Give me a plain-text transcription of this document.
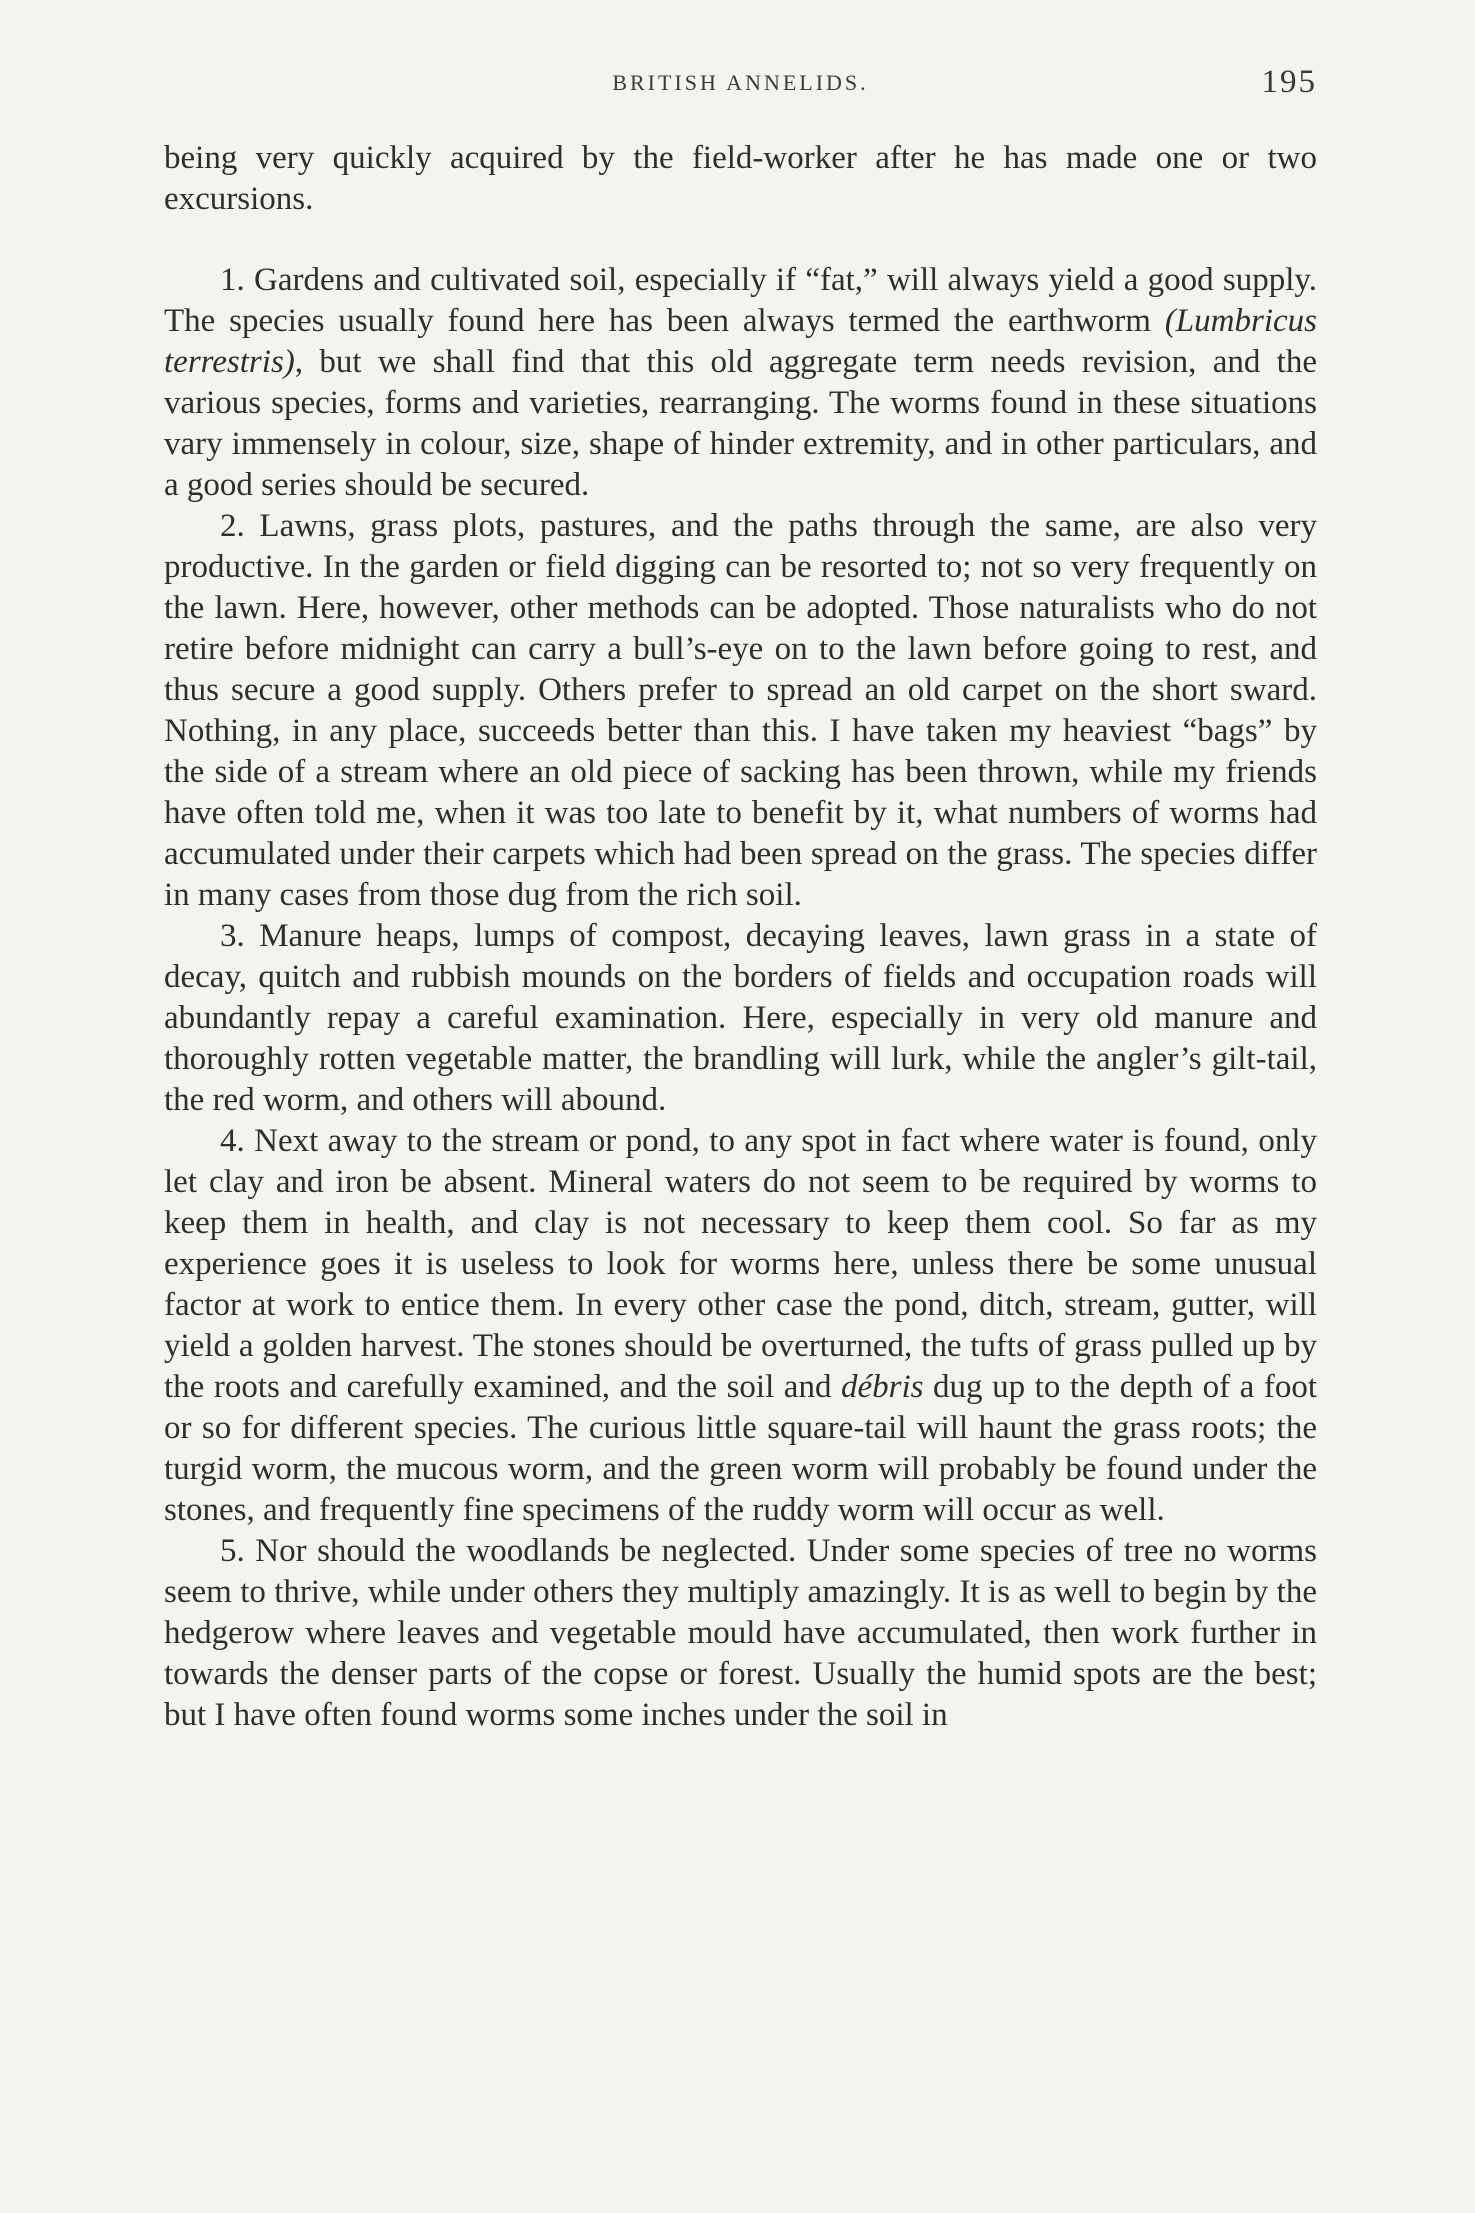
BRITISH ANNELIDS.	195

being very quickly acquired by the field-worker after he has made one or two excursions.

1. Gardens and cultivated soil, especially if “fat,” will always yield a good supply. The species usually found here has been always termed the earthworm (Lumbricus terrestris), but we shall find that this old aggregate term needs revision, and the various species, forms and varieties, rearranging. The worms found in these situations vary immensely in colour, size, shape of hinder extremity, and in other particulars, and a good series should be secured.

2. Lawns, grass plots, pastures, and the paths through the same, are also very productive. In the garden or field digging can be resorted to; not so very frequently on the lawn. Here, however, other methods can be adopted. Those naturalists who do not retire before midnight can carry a bull’s-eye on to the lawn before going to rest, and thus secure a good supply. Others prefer to spread an old carpet on the short sward. Nothing, in any place, succeeds better than this. I have taken my heaviest “bags” by the side of a stream where an old piece of sacking has been thrown, while my friends have often told me, when it was too late to benefit by it, what numbers of worms had accumulated under their carpets which had been spread on the grass. The species differ in many cases from those dug from the rich soil.

3. Manure heaps, lumps of compost, decaying leaves, lawn grass in a state of decay, quitch and rubbish mounds on the borders of fields and occupation roads will abundantly repay a careful examination. Here, especially in very old manure and thoroughly rotten vegetable matter, the brandling will lurk, while the angler’s gilt-tail, the red worm, and others will abound.

4. Next away to the stream or pond, to any spot in fact where water is found, only let clay and iron be absent. Mineral waters do not seem to be required by worms to keep them in health, and clay is not necessary to keep them cool. So far as my experience goes it is useless to look for worms here, unless there be some unusual factor at work to entice them. In every other case the pond, ditch, stream, gutter, will yield a golden harvest. The stones should be overturned, the tufts of grass pulled up by the roots and carefully examined, and the soil and débris dug up to the depth of a foot or so for different species. The curious little square-tail will haunt the grass roots; the turgid worm, the mucous worm, and the green worm will probably be found under the stones, and frequently fine specimens of the ruddy worm will occur as well.

5. Nor should the woodlands be neglected. Under some species of tree no worms seem to thrive, while under others they multiply amazingly. It is as well to begin by the hedgerow where leaves and vegetable mould have accumulated, then work further in towards the denser parts of the copse or forest. Usually the humid spots are the best; but I have often found worms some inches under the soil in
